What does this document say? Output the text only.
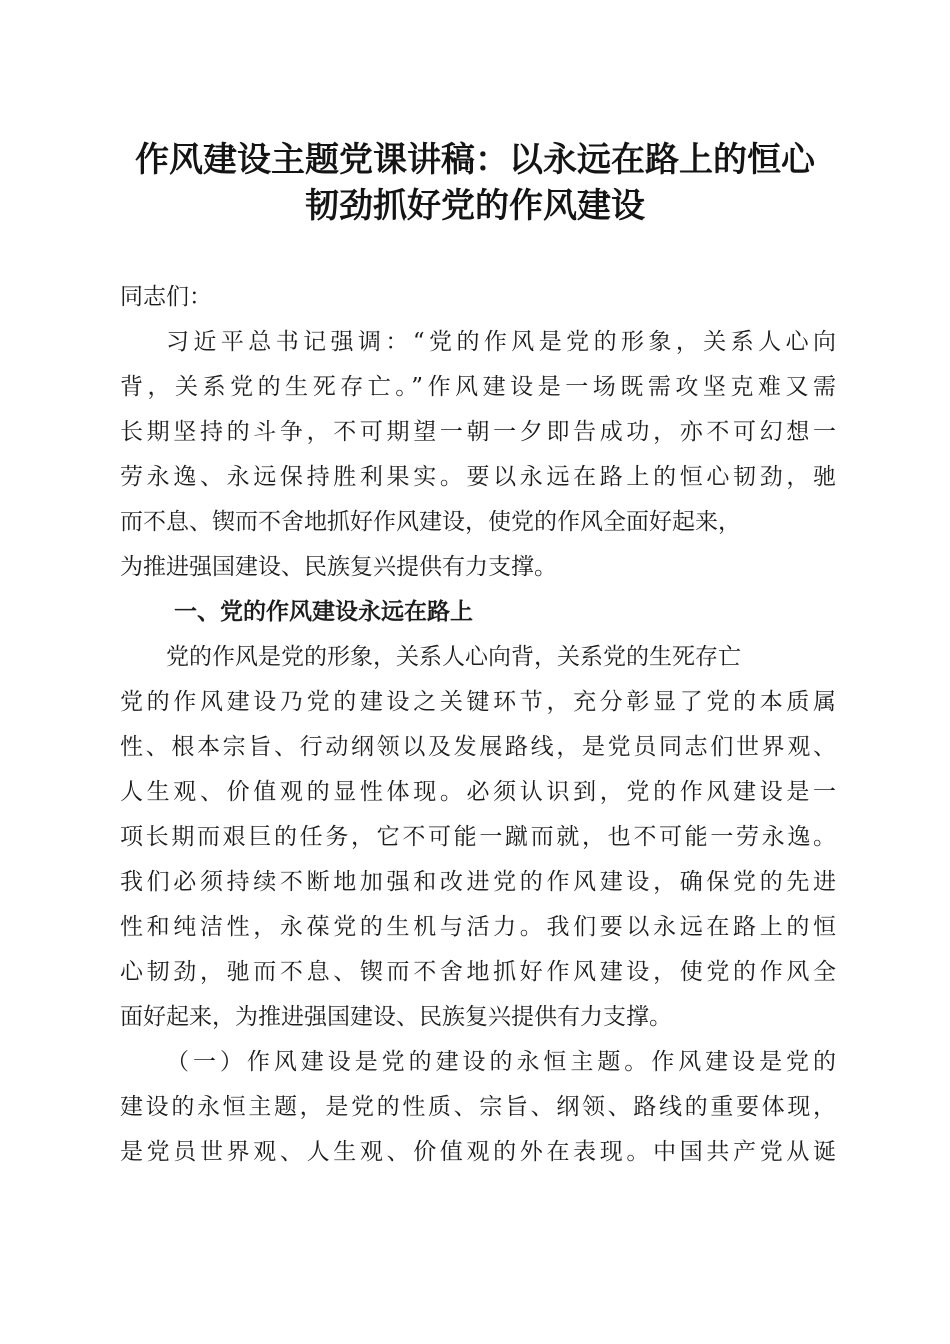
作风建设主题党课讲稿：以永远在路上的恒心
韧劲抓好党的作风建设
同志们：
习近平总书记强调：“党的作风是党的形象，关系人心向
背，关系党的生死存亡。”作风建设是一场既需攻坚克难又需
长期坚持的斗争，不可期望一朝一夕即告成功，亦不可幻想一
劳永逸、永远保持胜利果实。要以永远在路上的恒心韧劲，驰
而不息、锲而不舍地抓好作风建设，使党的作风全面好起来，
为推进强国建设、民族复兴提供有力支撑。
一、党的作风建设永远在路上
党的作风是党的形象，关系人心向背，关系党的生死存亡
党的作风建设乃党的建设之关键环节，充分彰显了党的本质属
性、根本宗旨、行动纲领以及发展路线，是党员同志们世界观、
人生观、价值观的显性体现。必须认识到，党的作风建设是一
项长期而艰巨的任务，它不可能一蹴而就，也不可能一劳永逸。
我们必须持续不断地加强和改进党的作风建设，确保党的先进
性和纯洁性，永葆党的生机与活力。我们要以永远在路上的恒
心韧劲，驰而不息、锲而不舍地抓好作风建设，使党的作风全
面好起来，为推进强国建设、民族复兴提供有力支撑。
（一）作风建设是党的建设的永恒主题。作风建设是党的
建设的永恒主题，是党的性质、宗旨、纲领、路线的重要体现，
是党员世界观、人生观、价值观的外在表现。中国共产党从诞
